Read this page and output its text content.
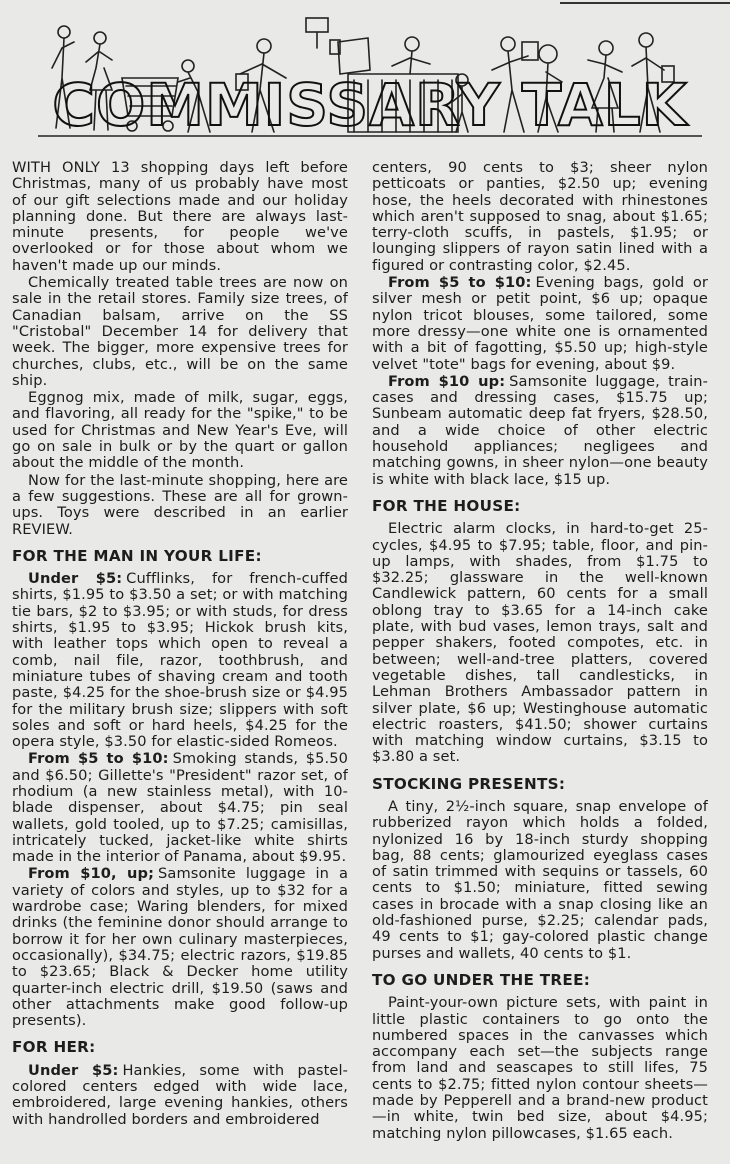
COMMISSARY TALK

WITH ONLY 13 shopping days left before Christmas, many of us probably have most of our gift selections made and our holiday planning done. But there are always last-minute presents, for people we've overlooked or for those about whom we haven't made up our minds.

Chemically treated table trees are now on sale in the retail stores. Family size trees, of Canadian balsam, arrive on the SS "Cristobal" December 14 for delivery that week. The bigger, more expensive trees for churches, clubs, etc., will be on the same ship.

Eggnog mix, made of milk, sugar, eggs, and flavoring, all ready for the "spike," to be used for Christmas and New Year's Eve, will go on sale in bulk or by the quart or gallon about the middle of the month.

Now for the last-minute shopping, here are a few suggestions. These are all for grown-ups. Toys were described in an earlier REVIEW.

FOR THE MAN IN YOUR LIFE:

Under $5: Cufflinks, for french-cuffed shirts, $1.95 to $3.50 a set; or with matching tie bars, $2 to $3.95; or with studs, for dress shirts, $1.95 to $3.95; Hickok brush kits, with leather tops which open to reveal a comb, nail file, razor, toothbrush, and miniature tubes of shaving cream and tooth paste, $4.25 for the shoe-brush size or $4.95 for the military brush size; slippers with soft soles and soft or hard heels, $4.25 for the opera style, $3.50 for elastic-sided Romeos.

From $5 to $10: Smoking stands, $5.50 and $6.50; Gillette's "President" razor set, of rhodium (a new stainless metal), with 10-blade dispenser, about $4.75; pin seal wallets, gold tooled, up to $7.25; camisillas, intricately tucked, jacket-like white shirts made in the interior of Panama, about $9.95.

From $10, up; Samsonite luggage in a variety of colors and styles, up to $32 for a wardrobe case; Waring blenders, for mixed drinks (the feminine donor should arrange to borrow it for her own culinary masterpieces, occasionally), $34.75; electric razors, $19.85 to $23.65; Black & Decker home utility quarter-inch electric drill, $19.50 (saws and other attachments make good follow-up presents).

FOR HER:

Under $5: Hankies, some with pastel-colored centers edged with wide lace, embroidered, large evening hankies, others with handrolled borders and embroidered

centers, 90 cents to $3; sheer nylon petticoats or panties, $2.50 up; evening hose, the heels decorated with rhinestones which aren't supposed to snag, about $1.65; terry-cloth scuffs, in pastels, $1.95; or lounging slippers of rayon satin lined with a figured or contrasting color, $2.45.

From $5 to $10: Evening bags, gold or silver mesh or petit point, $6 up; opaque nylon tricot blouses, some tailored, some more dressy—one white one is ornamented with a bit of fagotting, $5.50 up; high-style velvet "tote" bags for evening, about $9.

From $10 up: Samsonite luggage, train-cases and dressing cases, $15.75 up; Sunbeam automatic deep fat fryers, $28.50, and a wide choice of other electric household appliances; negligees and matching gowns, in sheer nylon—one beauty is white with black lace, $15 up.

FOR THE HOUSE:

Electric alarm clocks, in hard-to-get 25-cycles, $4.95 to $7.95; table, floor, and pin-up lamps, with shades, from $1.75 to $32.25; glassware in the well-known Candlewick pattern, 60 cents for a small oblong tray to $3.65 for a 14-inch cake plate, with bud vases, lemon trays, salt and pepper shakers, footed compotes, etc. in between; well-and-tree platters, covered vegetable dishes, tall candlesticks, in Lehman Brothers Ambassador pattern in silver plate, $6 up; Westinghouse automatic electric roasters, $41.50; shower curtains with matching window curtains, $3.15 to $3.80 a set.

STOCKING PRESENTS:

A tiny, 2½-inch square, snap envelope of rubberized rayon which holds a folded, nylonized 16 by 18-inch sturdy shopping bag, 88 cents; glamourized eyeglass cases of satin trimmed with sequins or tassels, 60 cents to $1.50; miniature, fitted sewing cases in brocade with a snap closing like an old-fashioned purse, $2.25; calendar pads, 49 cents to $1; gay-colored plastic change purses and wallets, 40 cents to $1.

TO GO UNDER THE TREE:

Paint-your-own picture sets, with paint in little plastic containers to go onto the numbered spaces in the canvasses which accompany each set—the subjects range from land and seascapes to still lifes, 75 cents to $2.75; fitted nylon contour sheets—made by Pepperell and a brand-new product—in white, twin bed size, about $4.95; matching nylon pillowcases, $1.65 each.
